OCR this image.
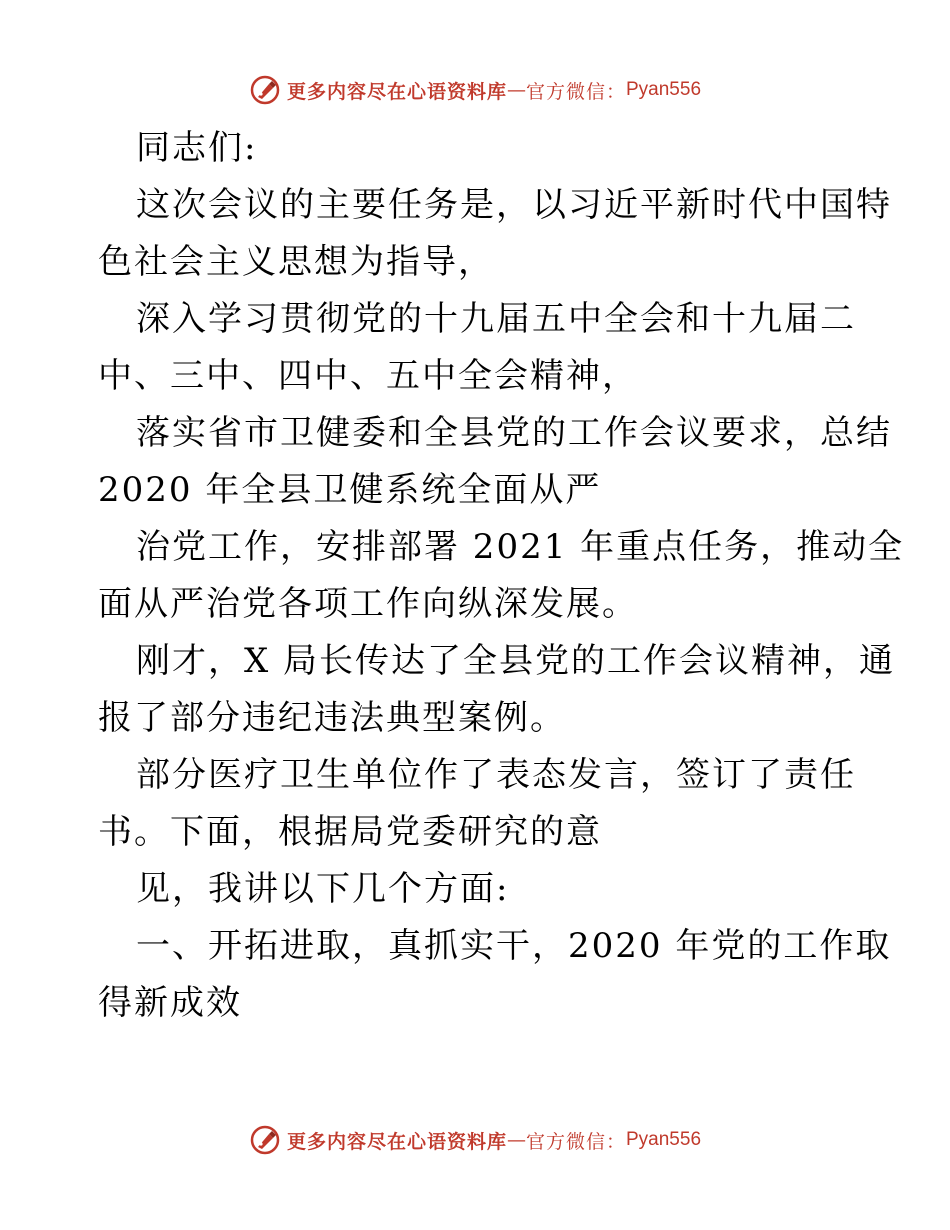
更多内容尽在心语资料库 — 官方微信： Pyan556
同志们:
这次会议的主要任务是，以习近平新时代中国特
色社会主义思想为指导，
深入学习贯彻党的十九届五中全会和十九届二
中、三中、四中、五中全会精神，
落实省市卫健委和全县党的工作会议要求，总结
2020 年全县卫健系统全面从严
治党工作，安排部署 2021 年重点任务，推动全
面从严治党各项工作向纵深发展。
刚才，X 局长传达了全县党的工作会议精神，通
报了部分违纪违法典型案例。
部分医疗卫生单位作了表态发言，签订了责任
书。下面，根据局党委研究的意
见，我讲以下几个方面:
一、开拓进取，真抓实干，2020 年党的工作取
得新成效
更多内容尽在心语资料库 — 官方微信： Pyan556
